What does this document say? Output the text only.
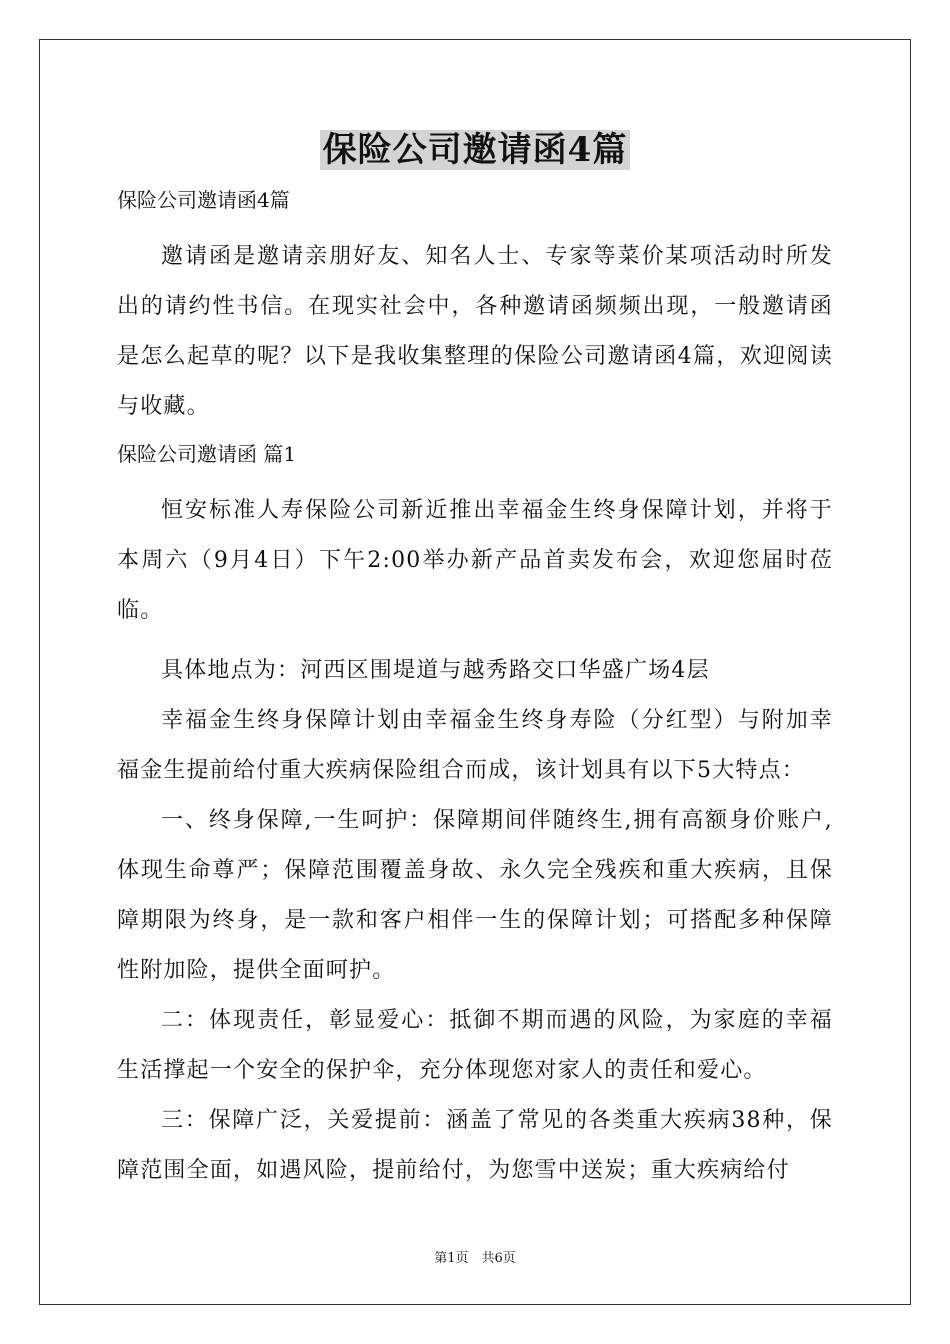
保险公司邀请函4篇

保险公司邀请函4篇

邀请函是邀请亲朋好友、知名人士、专家等菜价某项活动时所发出的请约性书信。在现实社会中，各种邀请函频频出现，一般邀请函是怎么起草的呢？以下是我收集整理的保险公司邀请函4篇，欢迎阅读与收藏。

保险公司邀请函 篇1

恒安标准人寿保险公司新近推出幸福金生终身保障计划，并将于本周六（9月4日）下午2:00举办新产品首卖发布会，欢迎您届时莅临。

具体地点为：河西区围堤道与越秀路交口华盛广场4层

幸福金生终身保障计划由幸福金生终身寿险（分红型）与附加幸福金生提前给付重大疾病保险组合而成，该计划具有以下5大特点：

一、终身保障,一生呵护：保障期间伴随终生,拥有高额身价账户,体现生命尊严；保障范围覆盖身故、永久完全残疾和重大疾病，且保障期限为终身，是一款和客户相伴一生的保障计划；可搭配多种保障性附加险，提供全面呵护。

二：体现责任，彰显爱心：抵御不期而遇的风险，为家庭的幸福生活撑起一个安全的保护伞，充分体现您对家人的责任和爱心。

三：保障广泛，关爱提前：涵盖了常见的各类重大疾病38种，保障范围全面，如遇风险，提前给付，为您雪中送炭；重大疾病给付

第1页　共6页
